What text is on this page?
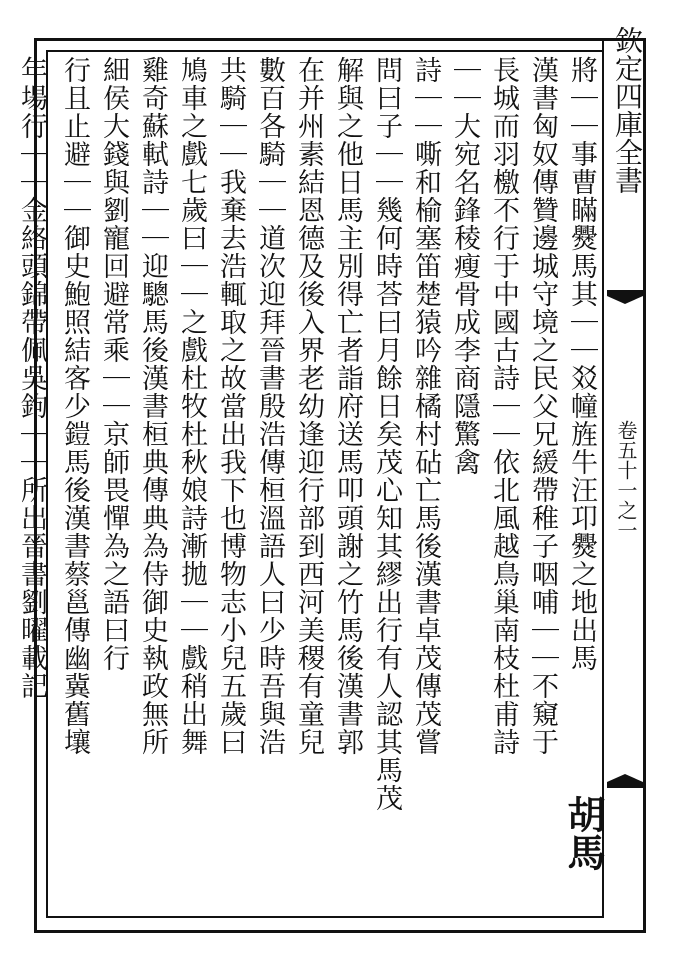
欽定四庫全書
卷五十一之一
將｜｜事曹瞞㸑馬其｜｜㸚幢旌牛汪卭㸑之地出馬
漢書匈奴傳贊邊城守境之民父兄緩帶稚子咽哺｜｜不窺于
長城而羽檄不行于中國古詩｜｜依北風越鳥巢南枝杜甫詩
｜｜大宛名鋒稜瘦骨成李商隱驚禽
詩｜｜嘶和榆塞笛楚猿吟雜橘村砧亡馬後漢書卓茂傳茂嘗
問曰子｜｜幾何時荅曰月餘日矣茂心知其繆出行有人認其馬茂
解與之他日馬主別得亡者詣府送馬叩頭謝之竹馬後漢書郭
在并州素結恩德及後入界老幼逢迎行部到西河美稷有童兒
數百各騎｜｜道次迎拜晉書殷浩傳桓溫語人曰少時吾與浩
共騎｜｜我棄去浩輒取之故當出我下也博物志小兒五歲曰
鳩車之戲七歲曰｜｜之戲杜牧杜秋娘詩漸拋｜｜戲稍出舞
雞奇蘇軾詩｜｜迎驄馬後漢書桓典傳典為侍御史執政無所
細侯大錢與劉寵回避常乘｜｜京師畏憚為之語曰行
行且止避｜｜御史鮑照結客少鎧馬後漢書蔡邕傳幽冀舊壤
年場行｜｜金絡頭錦帶佩吳鉤｜｜所出晉書劉曜載記
胡馬
